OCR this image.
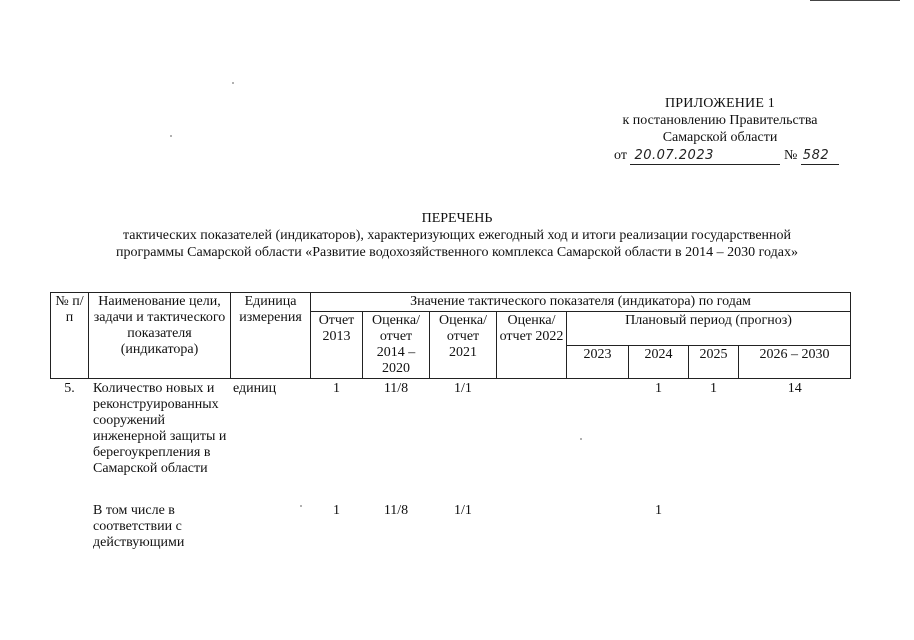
ПРИЛОЖЕНИЕ 1
к постановлению Правительства
Самарской области
от 20.07.2023	№ 582
ПЕРЕЧЕНЬ
тактических показателей (индикаторов), характеризующих ежегодный ход и итоги реализации государственной
программы Самарской области «Развитие водохозяйственного комплекса Самарской области в 2014 – 2030 годах»
№ п/п	Наименование цели, задачи и тактического показателя (индикатора)	Единица измерения	Значение тактического показателя (индикатора) по годам							
			Отчет 2013	Оценка/отчет 2014 – 2020	Оценка/отчет 2021	Оценка/отчет 2022	Плановый период (прогноз)			
							2023	2024	2025	2026 – 2030
5.	Количество новых и реконструированных сооружений инженерной защиты и берегоукрепления в Самарской области	единиц	1	11/8	1/1			1	1	14

	В том числе в соответствии с действующими		1	11/8	1/1			1		
